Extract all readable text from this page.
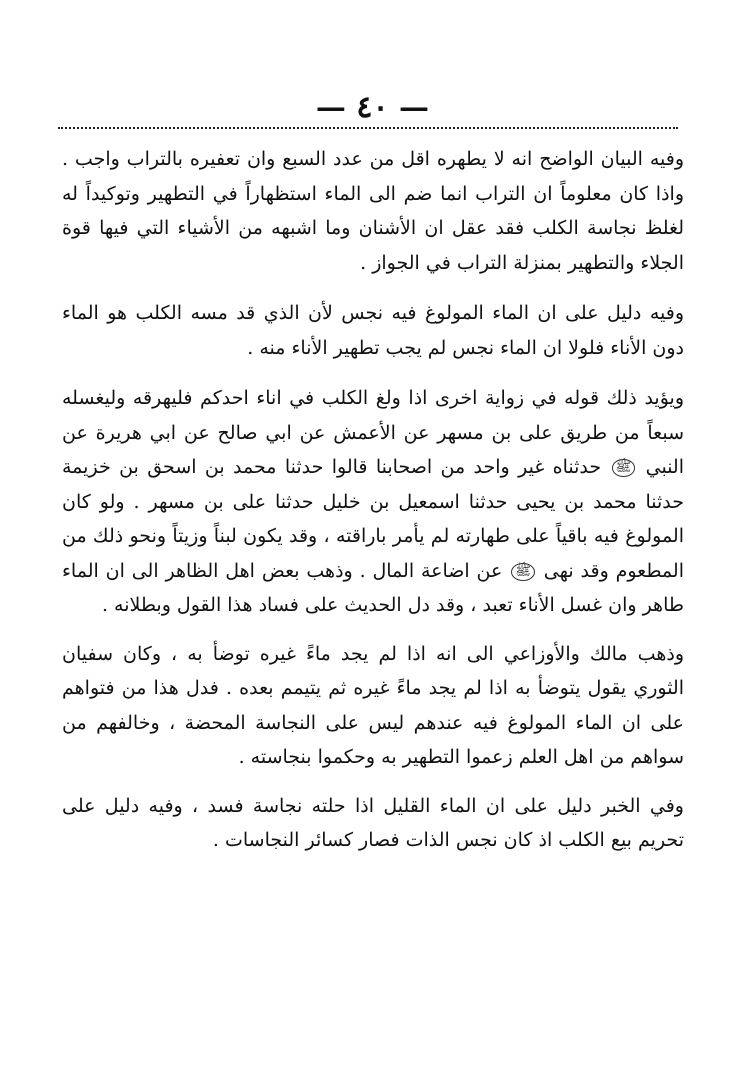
— ٤٠ —

وفيه البيان الواضح انه لا يطهره اقل من عدد السبع وان تعفيره بالتراب واجب . واذا كان معلوماً ان التراب انما ضم الى الماء استظهاراً في التطهير وتوكيداً له لغلظ نجاسة الكلب فقد عقل ان الأشنان وما اشبهه من الأشياء التي فيها قوة الجلاء والتطهير بمنزلة التراب في الجواز .

وفيه دليل على ان الماء المولوغ فيه نجس لأن الذي قد مسه الكلب هو الماء دون الأناء فلولا ان الماء نجس لم يجب تطهير الأناء منه .

ويؤيد ذلك قوله في زواية اخرى اذا ولغ الكلب في اناء احدكم فليهرقه وليغسله سبعاً من طريق على بن مسهر عن الأعمش عن ابي صالح عن ابي هريرة عن النبي ﷺ حدثناه غير واحد من اصحابنا قالوا حدثنا محمد بن اسحق بن خزيمة حدثنا محمد بن يحيى حدثنا اسمعيل بن خليل حدثنا على بن مسهر . ولو كان المولوغ فيه باقياً على طهارته لم يأمر باراقته ، وقد يكون لبناً وزيتاً ونحو ذلك من المطعوم وقد نهى ﷺ عن اضاعة المال . وذهب بعض اهل الظاهر الى ان الماء طاهر وان غسل الأناء تعبد ، وقد دل الحديث على فساد هذا القول وبطلانه .

وذهب مالك والأوزاعي الى انه اذا لم يجد ماءً غيره توضأ به ، وكان سفيان الثوري يقول يتوضأ به اذا لم يجد ماءً غيره ثم يتيمم بعده . فدل هذا من فتواهم على ان الماء المولوغ فيه عندهم ليس على النجاسة المحضة ، وخالفهم من سواهم من اهل العلم زعموا التطهير به وحكموا بنجاسته .

وفي الخبر دليل على ان الماء القليل اذا حلته نجاسة فسد ، وفيه دليل على تحريم بيع الكلب اذ كان نجس الذات فصار كسائر النجاسات .
